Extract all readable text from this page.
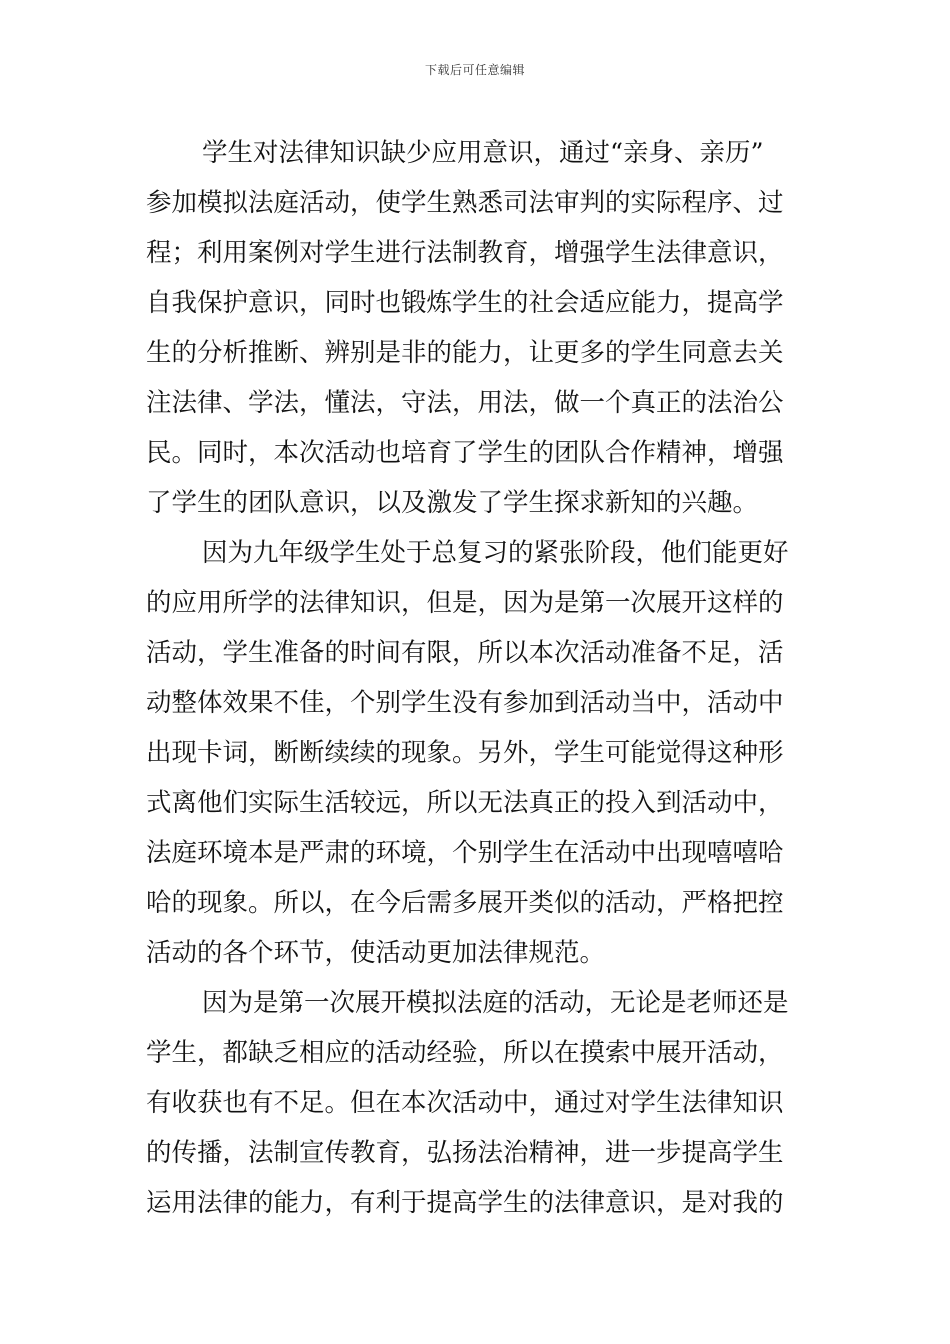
下载后可任意编辑
学生对法律知识缺少应用意识，通过“亲身、亲历”
参加模拟法庭活动，使学生熟悉司法审判的实际程序、过
程；利用案例对学生进行法制教育，增强学生法律意识，
自我保护意识，同时也锻炼学生的社会适应能力，提高学
生的分析推断、辨别是非的能力，让更多的学生同意去关
注法律、学法，懂法，守法，用法，做一个真正的法治公
民。同时，本次活动也培育了学生的团队合作精神，增强
了学生的团队意识，以及激发了学生探求新知的兴趣。
因为九年级学生处于总复习的紧张阶段，他们能更好
的应用所学的法律知识，但是，因为是第一次展开这样的
活动，学生准备的时间有限，所以本次活动准备不足，活
动整体效果不佳，个别学生没有参加到活动当中，活动中
出现卡词，断断续续的现象。另外，学生可能觉得这种形
式离他们实际生活较远，所以无法真正的投入到活动中，
法庭环境本是严肃的环境，个别学生在活动中出现嘻嘻哈
哈的现象。所以，在今后需多展开类似的活动，严格把控
活动的各个环节，使活动更加法律规范。
因为是第一次展开模拟法庭的活动，无论是老师还是
学生，都缺乏相应的活动经验，所以在摸索中展开活动，
有收获也有不足。但在本次活动中，通过对学生法律知识
的传播，法制宣传教育，弘扬法治精神，进一步提高学生
运用法律的能力，有利于提高学生的法律意识，是对我的
